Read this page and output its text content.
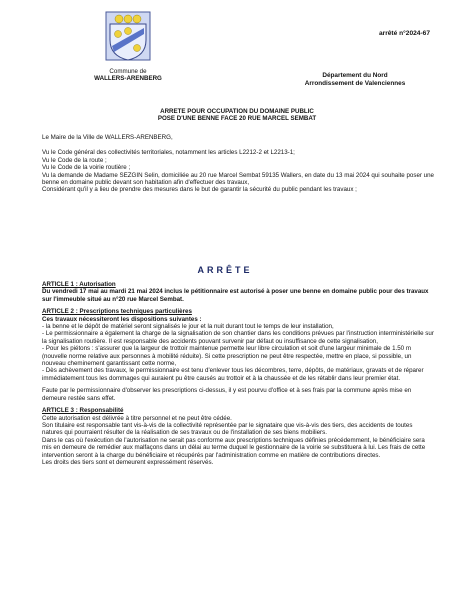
Commune de
WALLERS-ARENBERG
arrêté n°2024-67
Département du Nord
Arrondissement de Valenciennes
ARRETE POUR OCCUPATION DU DOMAINE PUBLIC
POSE D'UNE BENNE FACE 20 RUE MARCEL SEMBAT

Le Maire de la Ville de WALLERS-ARENBERG,

Vu le Code général des collectivités territoriales, notamment les articles L2212-2 et L2213-1;

Vu le Code de la route ;

Vu le Code de la voirie routière ;

Vu la demande de Madame SEZGIN Selin, domiciliée au 20 rue Marcel Sembat 59135 Wallers, en date du 13 mai 2024 qui souhaite poser une benne en domaine public devant son habitation afin d'effectuer des travaux,

Considérant qu'il y a lieu de prendre des mesures dans le but de garantir la sécurité du public pendant les travaux ;

ARRÊTE

ARTICLE 1 : Autorisation

Du vendredi 17 mai au mardi 21 mai 2024 inclus le pétitionnaire est autorisé à poser une benne en domaine public pour des travaux sur l'immeuble situé au n°20 rue Marcel Sembat.

ARTICLE 2 : Prescriptions techniques particulières

Ces travaux nécessiteront les dispositions suivantes :

- la benne et le dépôt de matériel seront signalisés le jour et la nuit durant tout le temps de leur installation,

- Le permissionnaire a également la charge de la signalisation de son chantier dans les conditions prévues par l'instruction interministérielle sur la signalisation routière. Il est responsable des accidents pouvant survenir par défaut ou insuffisance de cette signalisation,

- Pour les piétons : s'assurer que la largeur de trottoir maintenue permette leur libre circulation et soit d'une largeur minimale de 1.50 m (nouvelle norme relative aux personnes à mobilité réduite). Si cette prescription ne peut être respectée, mettre en place, si possible, un nouveau cheminement garantissant cette norme,

- Dès achèvement des travaux, le permissionnaire est tenu d'enlever tous les décombres, terre, dépôts, de matériaux, gravats et de réparer immédiatement tous les dommages qui auraient pu être causés au trottoir et à la chaussée et de les rétablir dans leur premier état.

Faute par le permissionnaire d'observer les prescriptions ci-dessus, il y est pourvu d'office et à ses frais par la commune après mise en demeure restée sans effet.

ARTICLE 3 : Responsabilité

Cette autorisation est délivrée à titre personnel et ne peut être cédée.

Son titulaire est responsable tant vis-à-vis de la collectivité représentée par le signataire que vis-à-vis des tiers, des accidents de toutes natures qui pourraient résulter de la réalisation de ses travaux ou de l'installation de ses biens mobiliers.

Dans le cas où l'exécution de l'autorisation ne serait pas conforme aux prescriptions techniques définies précédemment, le bénéficiaire sera mis en demeure de remédier aux malfaçons dans un délai au terme duquel le gestionnaire de la voirie se substituera à lui. Les frais de cette intervention seront à la charge du bénéficiaire et récupérés par l'administration comme en matière de contributions directes.

Les droits des tiers sont et demeurent expressément réservés.
